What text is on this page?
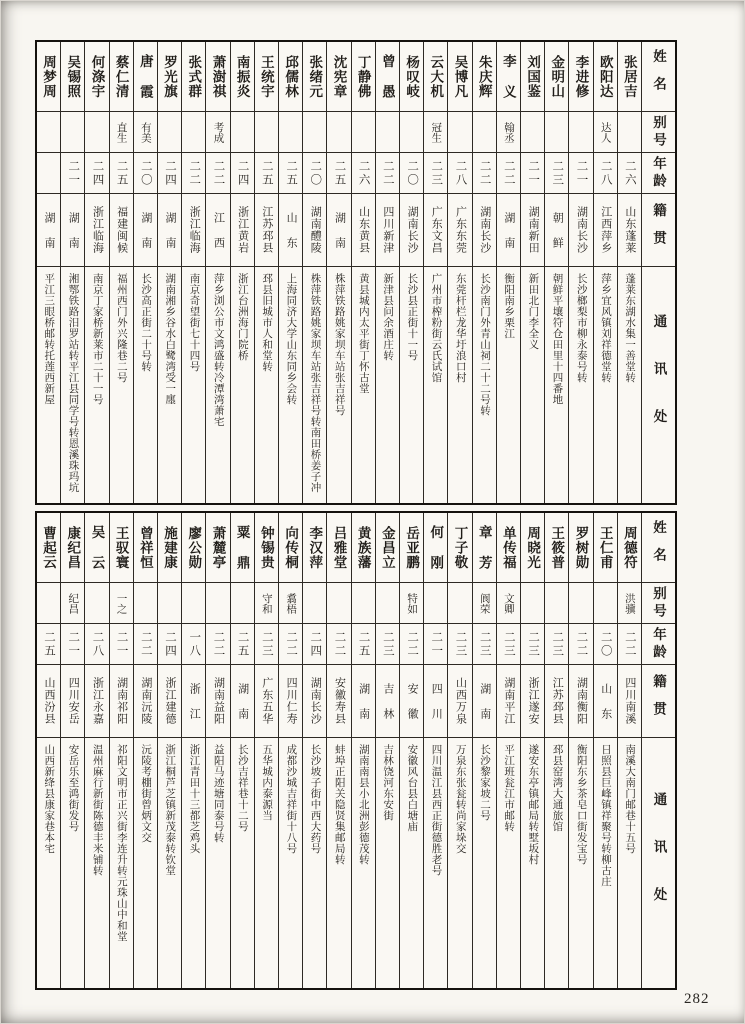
姓名
别号
年龄
籍贯
通讯处
张居吉
二六
山东蓬莱
蓬莱东湖水集一善堂转
欧阳达
达人
二八
江西萍乡
萍乡宜风镇刘祥德堂转
李进修
二一
湖南长沙
长沙榔梨市柳永泰号转
金明山
二三
朝 鲜
朝鲜平壤符仓田里十四番地
刘国鉴
二一
湖南新田
新田北门李全义
李 义
翰丞
二二
湖 南
衡阳南乡栗江
朱庆辉
二二
湖南长沙
长沙南门外青山祠二十二号转
吴博凡
二八
广东东莞
东莞杆栏龙华圩浪口村
云大机
冠生
二三
广东文昌
广州市榨粉街云氏试馆
杨叹岐
二〇
湖南长沙
长沙县正街十一号
曾 愚
二二
四川新津
新津县问余酒庄转
丁静佛
二六
山东黄县
黄县城内太平街丁怀古堂
沈宪章
二五
湖 南
株萍铁路姚家坝车站张吉祥号
张绪元
二〇
湖南醴陵
株萍铁路姚家坝车站张吉祥号转南田桥姜子冲
邱儒林
二五
山 东
上海同济大学山东同乡会转
王统宇
二五
江苏邳县
邳县旧城市人和堂转
南振炎
二四
浙江黄岩
浙江台洲海门院桥
萧澍祺
考成
二二
江 西
萍乡浏公市文鸿盛转冷潭湾萧宅
张式群
二二
浙江临海
南京奇望街七十四号
罗光旗
二四
湖 南
湖南湘乡谷水白鹭湾受一廛
唐 霞
有美
二〇
湖 南
长沙高正街二十号转
蔡仁清
直生
二五
福建闽候
福州西门外兴隆巷二号
何涤宇
二四
浙江临海
南京丁家桥新莱市二十一号
吴锡照
二一
湖 南
湘鄂铁路汨罗站转平江县同学号转恩溪珠玛坑
周梦周
湖 南
平江三眼桥邮转托莲西新屋
姓名
别号
年龄
籍贯
通讯处
周德符
洪骥
二二
四川南溪
南溪大南门邮巷十五号
王仁甫
二〇
山 东
日照县巨峰镇祥聚号转柳古庄
罗树勋
二二
湖南衡阳
衡阳东乡茶皂口街发宝号
王筱普
二三
江苏邳县
邳县窑湾大通旅馆
周晓光
二三
浙江遂安
遂安东亭镇邮局转墅坂村
单传福
文卿
二三
湖南平江
平江班瓮江市邮转
章 芳
阆荣
二三
湖 南
长沙黎家坡二号
丁子敬
二三
山西万泉
万泉东张瓮转尚家垛交
何 刚
二一
四 川
四川温江县西正街德胜老号
岳亚鹏
特如
二二
安 徽
安徽风台县白塘庙
金昌立
二三
吉 林
吉林饶河东安街
黄族藩
二五
湖 南
湖南南县小北洲彭德茂转
吕雅堂
二二
安徽寿县
蚌埠正阳关隐贤集邮局转
李汉萍
二四
湖南长沙
长沙坡子街中西大药号
向传桐
翥梧
二二
四川仁寿
成都沙城吉祥街十八号
钟锡贵
守和
二三
广东五华
五华城内泰源当
粟 鼎
二五
湖 南
长沙吉祥巷十二号
萧麓亭
二二
湖南益阳
益阳马迹塘同泰号转
廖公勋
一八
浙 江
浙江青田十三都芝鸡头
施建康
二四
浙江建德
浙江桐芦芝镇新茂泰转钦堂
曾祥恒
二二
湖南沅陵
沅陵考棚街曾炳文交
王驭寰
一之
二一
湖南祁阳
祁阳文明市正兴街李连升转元珠山中和堂
吴 云
二八
浙江永嘉
温州麻行新街陈德丰米铺转
康纪昌
纪昌
二一
四川安岳
安岳乐至鸿街发号
曹起云
二五
山西汾县
山西新绛县康家巷本宅
282
